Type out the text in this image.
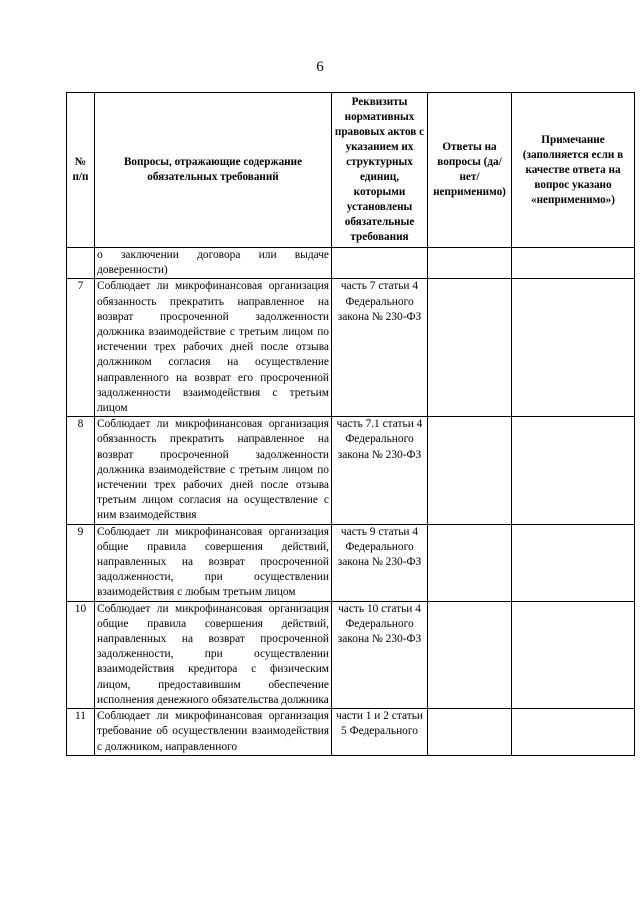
6
№ п/п	Вопросы, отражающие содержание обязательных требований	Реквизиты нормативных правовых актов с указанием их структурных единиц, которыми установлены обязательные требования	Ответы на вопросы (да/нет/ неприменимо)	Примечание (заполняется если в качестве ответа на вопрос указано «неприменимо»)
	о заключении договора или выдаче доверенности)			
7	Соблюдает ли микрофинансовая организация обязанность прекратить направленное на возврат просроченной задолженности должника взаимодействие с третьим лицом по истечении трех рабочих дней после отзыва должником согласия на осуществление направленного на возврат его просроченной задолженности взаимодействия с третьим лицом	часть 7 статьи 4 Федерального закона № 230-ФЗ		
8	Соблюдает ли микрофинансовая организация обязанность прекратить направленное на возврат просроченной задолженности должника взаимодействие с третьим лицом по истечении трех рабочих дней после отзыва третьим лицом согласия на осуществление с ним взаимодействия	часть 7.1 статьи 4 Федерального закона № 230-ФЗ		
9	Соблюдает ли микрофинансовая организация общие правила совершения действий, направленных на возврат просроченной задолженности, при осуществлении взаимодействия с любым третьим лицом	часть 9 статьи 4 Федерального закона № 230-ФЗ		
10	Соблюдает ли микрофинансовая организация общие правила совершения действий, направленных на возврат просроченной задолженности, при осуществлении взаимодействия кредитора с физическим лицом, предоставившим обеспечение исполнения денежного обязательства должника	часть 10 статьи 4 Федерального закона № 230-ФЗ		
11	Соблюдает ли микрофинансовая организация требование об осуществлении взаимодействия с должником, направленного	части 1 и 2 статьи 5 Федерального		
